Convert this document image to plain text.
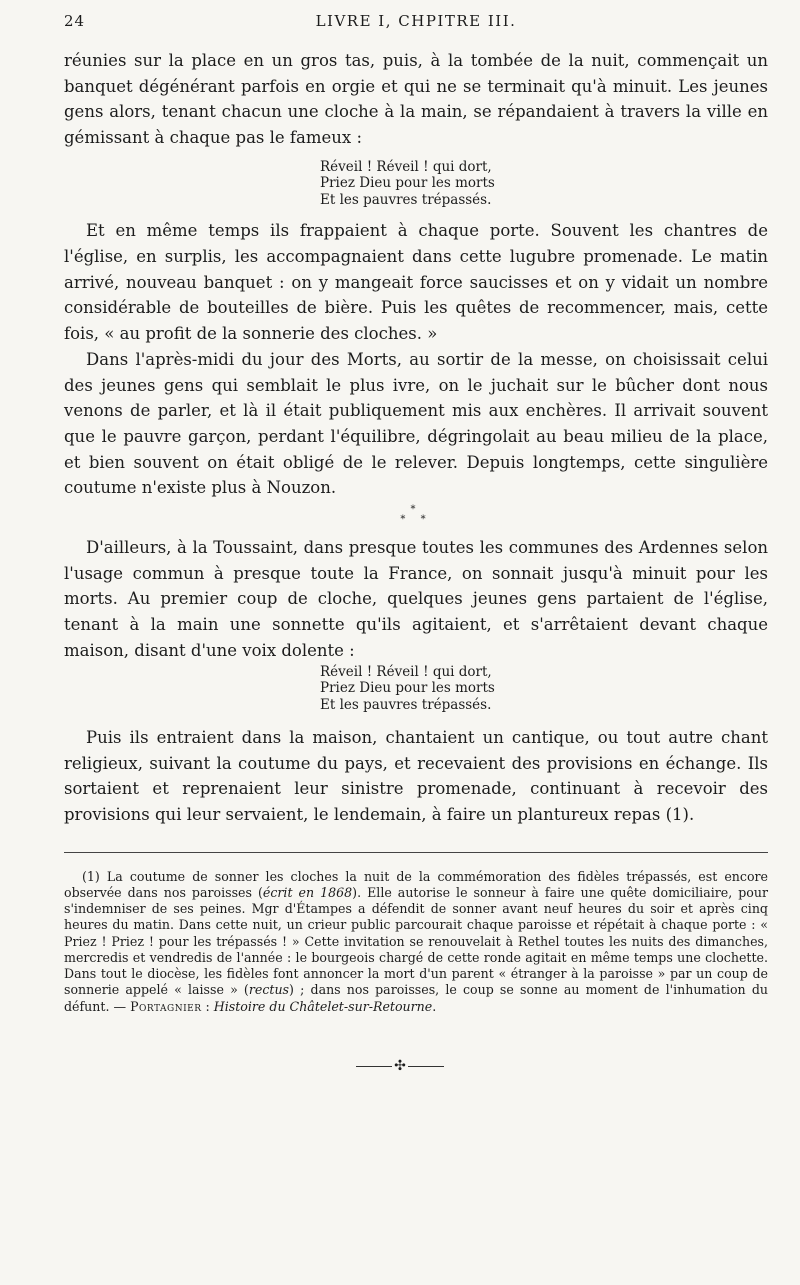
24	LIVRE I, CHPITRE III.

réunies sur la place en un gros tas, puis, à la tombée de la nuit, commençait un banquet dégénérant parfois en orgie et qui ne se terminait qu'à minuit. Les jeunes gens alors, tenant chacun une cloche à la main, se répandaient à travers la ville en gémissant à chaque pas le fameux :

Réveil ! Réveil ! qui dort,
Priez Dieu pour les morts
Et les pauvres trépassés.

Et en même temps ils frappaient à chaque porte. Souvent les chantres de l'église, en surplis, les accompagnaient dans cette lugubre promenade. Le matin arrivé, nouveau banquet : on y mangeait force saucisses et on y vidait un nombre considérable de bouteilles de bière. Puis les quêtes de recommencer, mais, cette fois, « au profit de la sonnerie des cloches. »

Dans l'après-midi du jour des Morts, au sortir de la messe, on choisissait celui des jeunes gens qui semblait le plus ivre, on le juchait sur le bûcher dont nous venons de parler, et là il était publiquement mis aux enchères. Il arrivait souvent que le pauvre garçon, perdant l'équilibre, dégringolait au beau milieu de la place, et bien souvent on était obligé de le relever. Depuis longtemps, cette singulière coutume n'existe plus à Nouzon.

*
* *

D'ailleurs, à la Toussaint, dans presque toutes les communes des Ardennes selon l'usage commun à presque toute la France, on sonnait jusqu'à minuit pour les morts. Au premier coup de cloche, quelques jeunes gens partaient de l'église, tenant à la main une sonnette qu'ils agitaient, et s'arrêtaient devant chaque maison, disant d'une voix dolente :

Réveil ! Réveil ! qui dort,
Priez Dieu pour les morts
Et les pauvres trépassés.

Puis ils entraient dans la maison, chantaient un cantique, ou tout autre chant religieux, suivant la coutume du pays, et recevaient des provisions en échange. Ils sortaient et reprenaient leur sinistre promenade, continuant à recevoir des provisions qui leur servaient, le lendemain, à faire un plantureux repas (1).

(1) La coutume de sonner les cloches la nuit de la commémoration des fidèles trépassés, est encore observée dans nos paroisses (écrit en 1868). Elle autorise le sonneur à faire une quête domiciliaire, pour s'indemniser de ses peines. Mgr d'Étampes a défendit de sonner avant neuf heures du soir et après cinq heures du matin. Dans cette nuit, un crieur public parcourait chaque paroisse et répétait à chaque porte : « Priez ! Priez ! pour les trépassés ! » Cette invitation se renouvelait à Rethel toutes les nuits des dimanches, mercredis et vendredis de l'année : le bourgeois chargé de cette ronde agitait en même temps une clochette. Dans tout le diocèse, les fidèles font annoncer la mort d'un parent « étranger à la paroisse » par un coup de sonnerie appelé « laisse » (rectus) ; dans nos paroisses, le coup se sonne au moment de l'inhumation du défunt. — Portagnier : Histoire du Châtelet-sur-Retourne.

✣
